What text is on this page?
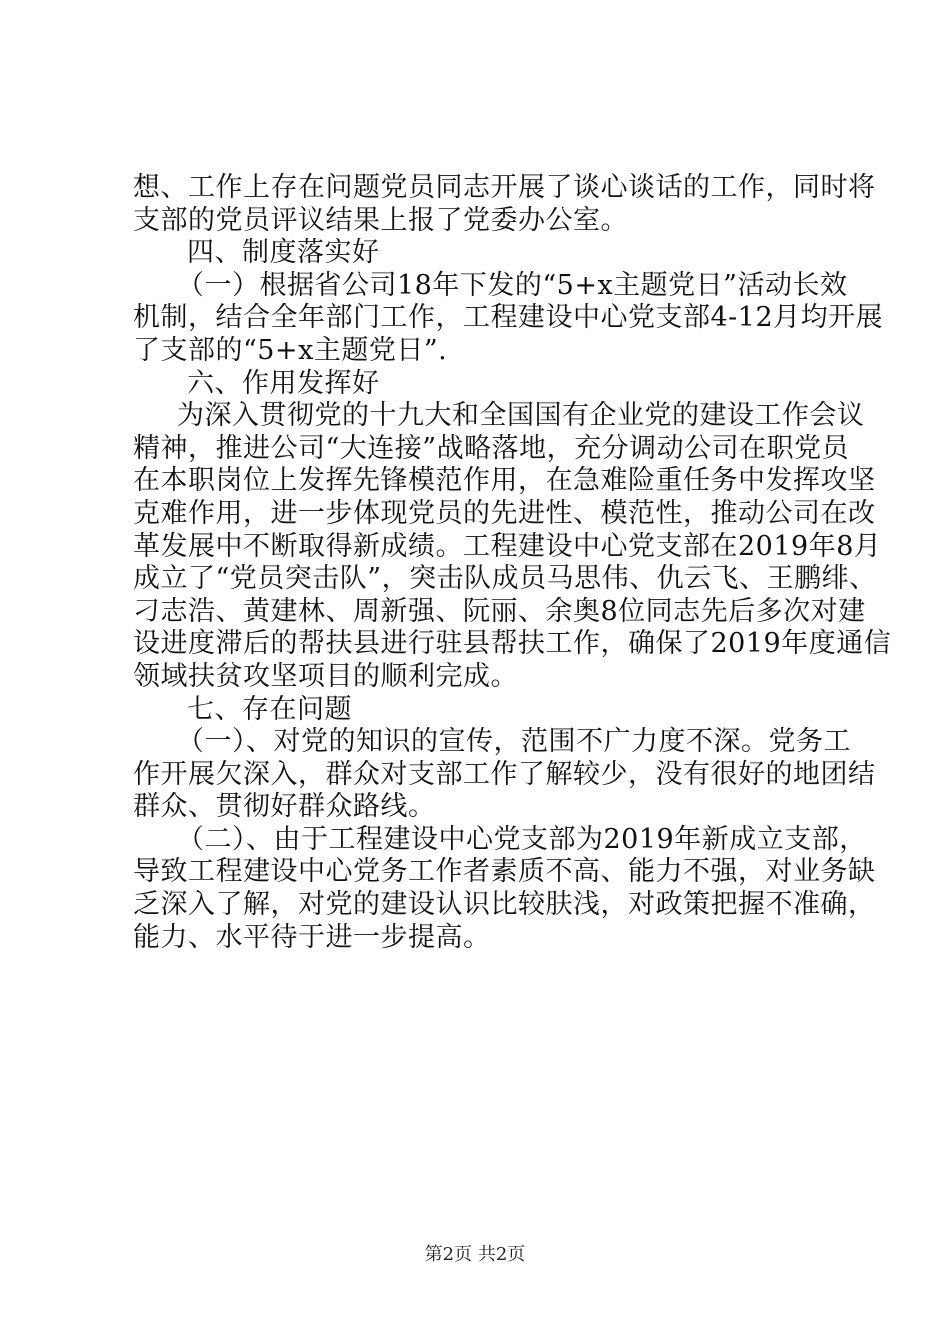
想、工作上存在问题党员同志开展了谈心谈话的工作，同时将
支部的党员评议结果上报了党委办公室。
四、制度落实好
（一）根据省公司18年下发的“5+x主题党日”活动长效
机制，结合全年部门工作，工程建设中心党支部4-12月均开展
了支部的“5+x主题党日”.
六、作用发挥好
为深入贯彻党的十九大和全国国有企业党的建设工作会议
精神，推进公司“大连接”战略落地，充分调动公司在职党员
在本职岗位上发挥先锋模范作用，在急难险重任务中发挥攻坚
克难作用，进一步体现党员的先进性、模范性，推动公司在改
革发展中不断取得新成绩。工程建设中心党支部在2019年8月
成立了“党员突击队”，突击队成员马思伟、仇云飞、王鹏绯、
刁志浩、黄建林、周新强、阮丽、余奥8位同志先后多次对建
设进度滞后的帮扶县进行驻县帮扶工作，确保了2019年度通信
领域扶贫攻坚项目的顺利完成。
七、存在问题
（一）、对党的知识的宣传，范围不广力度不深。党务工
作开展欠深入，群众对支部工作了解较少，没有很好的地团结
群众、贯彻好群众路线。
（二）、由于工程建设中心党支部为2019年新成立支部，
导致工程建设中心党务工作者素质不高、能力不强，对业务缺
乏深入了解，对党的建设认识比较肤浅，对政策把握不准确，
能力、水平待于进一步提高。
第2页 共2页
